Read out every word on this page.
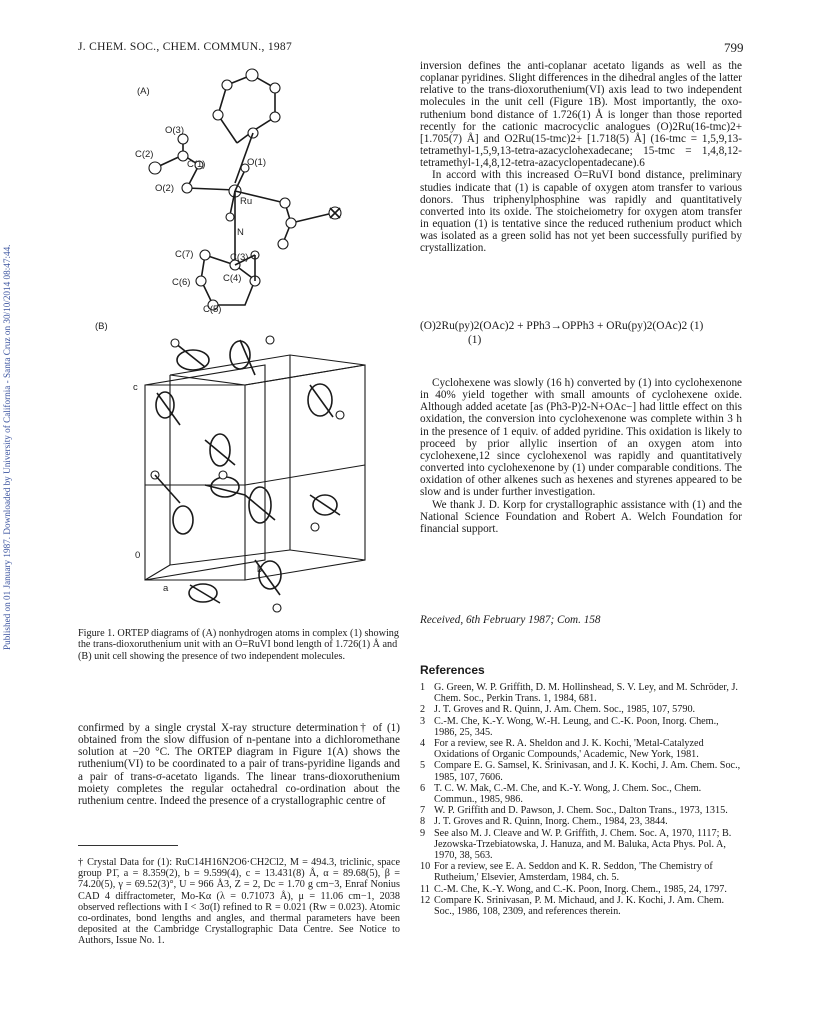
J. CHEM. SOC., CHEM. COMMUN., 1987	799
Published on 01 January 1987. Downloaded by University of California - Santa Cruz on 30/10/2014 08:47:44.
(A)
O(3)
C(2)
C(1)	O(1)
O(2)
Ru
N
C(7)	C(3)
C(4)
C(6)
C(5)
(B)
c
0
a
b
Figure 1. ORTEP diagrams of (A) nonhydrogen atoms in complex (1) showing the trans-dioxoruthenium unit with an O=RuVI bond length of 1.726(1) Å and (B) unit cell showing the presence of two independent molecules.

confirmed by a single crystal X-ray structure determination† of (1) obtained from the slow diffusion of n-pentane into a dichloromethane solution at −20 °C. The ORTEP diagram in Figure 1(A) shows the ruthenium(VI) to be coordinated to a pair of trans-pyridine ligands and a pair of trans-σ-acetato ligands. The linear trans-dioxoruthenium moiety completes the regular octahedral co-ordination about the ruthenium centre. Indeed the presence of a crystallographic centre of

† Crystal Data for (1): RuC14H16N2O6·CH2Cl2, M = 494.3, triclinic, space group P1̄, a = 8.359(2), b = 9.599(4), c = 13.431(8) Å, α = 89.68(5), β = 74.20(5), γ = 69.52(3)°, U = 966 Å3, Z = 2, Dc = 1.70 g cm−3, Enraf Nonius CAD 4 diffractometer, Mo-Kα (λ = 0.71073 Å), μ = 11.06 cm−1, 2038 observed reflections with I < 3σ(I) refined to R = 0.021 (Rw = 0.023). Atomic co-ordinates, bond lengths and angles, and thermal parameters have been deposited at the Cambridge Crystallographic Data Centre. See Notice to Authors, Issue No. 1.

inversion defines the anti-coplanar acetato ligands as well as the coplanar pyridines. Slight differences in the dihedral angles of the latter relative to the trans-dioxoruthenium(VI) axis lead to two independent molecules in the unit cell (Figure 1B). Most importantly, the oxo-ruthenium bond distance of 1.726(1) Å is longer than those reported recently for the cationic macrocyclic analogues (O)2Ru(16-tmc)2+ [1.705(7) Å] and O2Ru(15-tmc)2+ [1.718(5) Å] (16-tmc = 1,5,9,13-tetramethyl-1,5,9,13-tetra-azacyclohexadecane; 15-tmc = 1,4,8,12-tetramethyl-1,4,8,12-tetra-azacyclopentadecane).6

In accord with this increased O=RuVI bond distance, preliminary studies indicate that (1) is capable of oxygen atom transfer to various donors. Thus triphenylphosphine was rapidly and quantitatively converted into its oxide. The stoicheiometry for oxygen atom transfer in equation (1) is tentative since the reduced ruthenium product which was isolated as a green solid has not yet been successfully purified by crystallization.

(O)2Ru(py)2(OAc)2 + PPh3→OPPh3 + ORu(py)2(OAc)2 (1)
(1)

Cyclohexene was slowly (16 h) converted by (1) into cyclohexenone in 40% yield together with small amounts of cyclohexene oxide. Although added acetate [as (Ph3-P)2-N+OAc−] had little effect on this oxidation, the conversion into cyclohexenone was complete within 3 h in the presence of 1 equiv. of added pyridine. This oxidation is likely to proceed by prior allylic insertion of an oxygen atom into cyclohexene,12 since cyclohexenol was rapidly and quantitatively converted into cyclohexenone by (1) under comparable conditions. The oxidation of other alkenes such as hexenes and styrenes appeared to be slow and is under further investigation.

We thank J. D. Korp for crystallographic assistance with (1) and the National Science Foundation and Robert A. Welch Foundation for financial support.

Received, 6th February 1987; Com. 158
References

1 G. Green, W. P. Griffith, D. M. Hollinshead, S. V. Ley, and M. Schröder, J. Chem. Soc., Perkin Trans. 1, 1984, 681.

2 J. T. Groves and R. Quinn, J. Am. Chem. Soc., 1985, 107, 5790.

3 C.-M. Che, K.-Y. Wong, W.-H. Leung, and C.-K. Poon, Inorg. Chem., 1986, 25, 345.

4 For a review, see R. A. Sheldon and J. K. Kochi, 'Metal-Catalyzed Oxidations of Organic Compounds,' Academic, New York, 1981.

5 Compare E. G. Samsel, K. Srinivasan, and J. K. Kochi, J. Am. Chem. Soc., 1985, 107, 7606.

6 T. C. W. Mak, C.-M. Che, and K.-Y. Wong, J. Chem. Soc., Chem. Commun., 1985, 986.

7 W. P. Griffith and D. Pawson, J. Chem. Soc., Dalton Trans., 1973, 1315.

8 J. T. Groves and R. Quinn, Inorg. Chem., 1984, 23, 3844.

9 See also M. J. Cleave and W. P. Griffith, J. Chem. Soc. A, 1970, 1117; B. Jezowska-Trzebiatowska, J. Hanuza, and M. Baluka, Acta Phys. Pol. A, 1970, 38, 563.

10 For a review, see E. A. Seddon and K. R. Seddon, 'The Chemistry of Rutheium,' Elsevier, Amsterdam, 1984, ch. 5.

11 C.-M. Che, K.-Y. Wong, and C.-K. Poon, Inorg. Chem., 1985, 24, 1797.

12 Compare K. Srinivasan, P. M. Michaud, and J. K. Kochi, J. Am. Chem. Soc., 1986, 108, 2309, and references therein.
